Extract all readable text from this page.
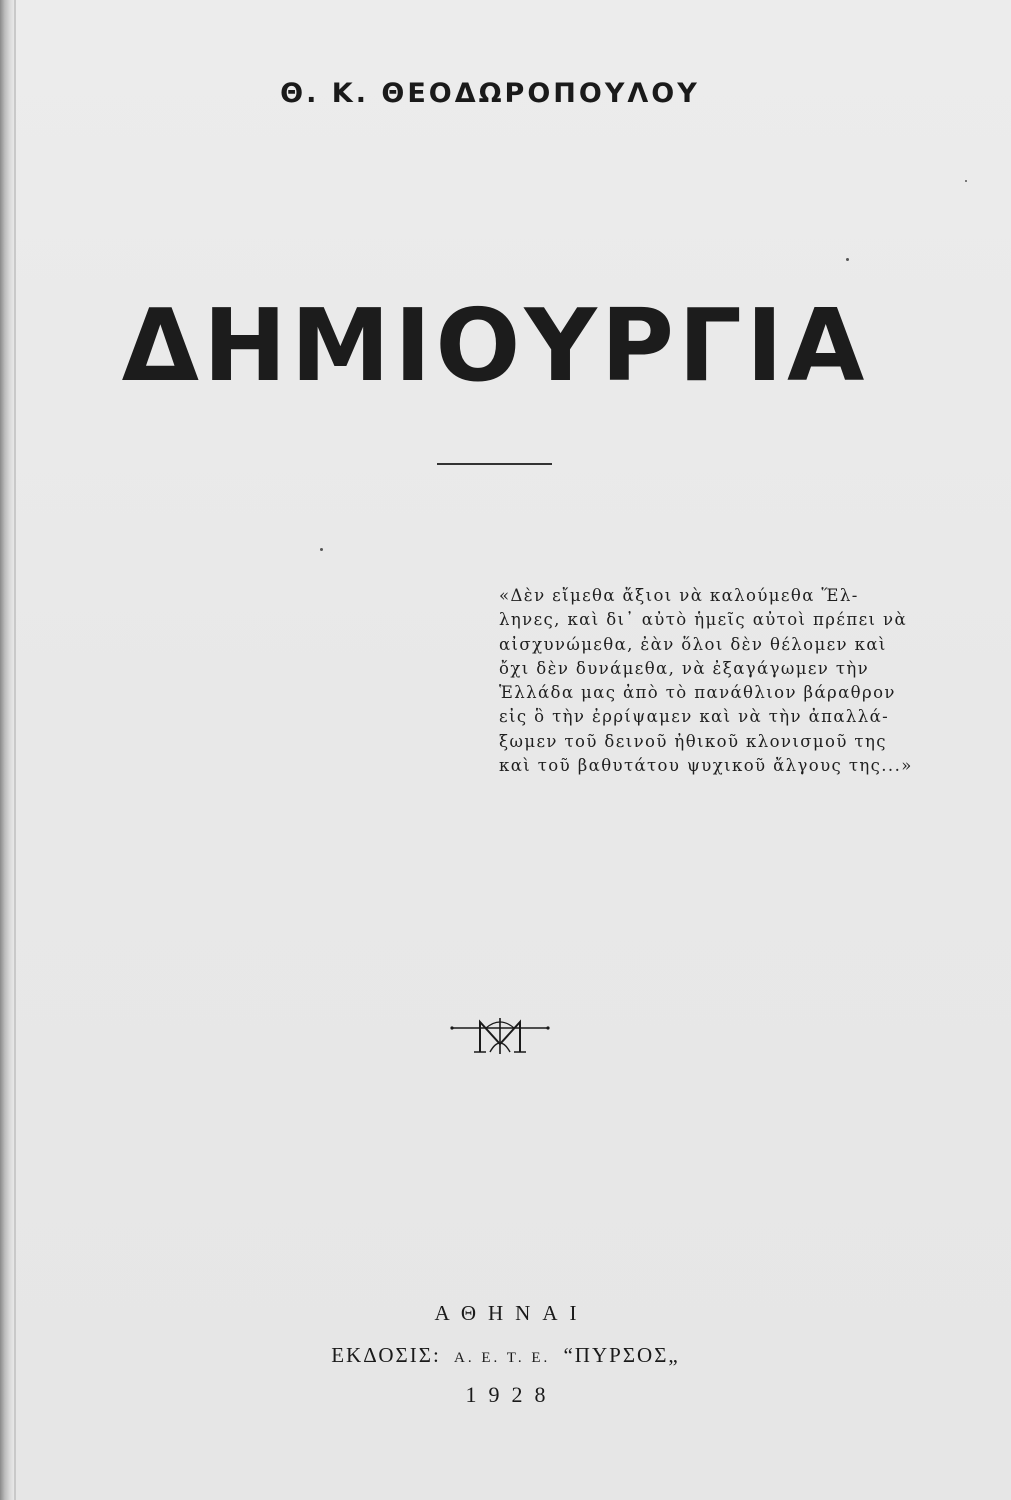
Θ. Κ. ΘΕΟΔΩΡΟΠΟΥΛΟΥ
ΔΗΜΙΟΥΡΓΙΑ
«Δὲν εἴμεθα ἄξιοι νὰ καλούμεθα Ἕλ-
ληνες, καὶ δι᾿ αὐτὸ ἡμεῖς αὐτοὶ πρέπει νὰ
αἰσχυνώμεθα, ἐὰν ὅλοι δὲν θέλομεν καὶ
ὄχι δὲν δυνάμεθα, νὰ ἐξαγάγωμεν τὴν
Ἑλλάδα μας ἀπὸ τὸ πανάθλιον βάραθρον
εἰς ὃ τὴν ἐρρίψαμεν καὶ νὰ τὴν ἀπαλλά-
ξωμεν τοῦ δεινοῦ ἠθικοῦ κλονισμοῦ της
καὶ τοῦ βαθυτάτου ψυχικοῦ ἄλγους της...»
ΑΘΗΝΑΙ
ΕΚΔΟΣΙΣ: Α. Ε. Τ. Ε. “ΠΥΡΣΟΣ„
1928
